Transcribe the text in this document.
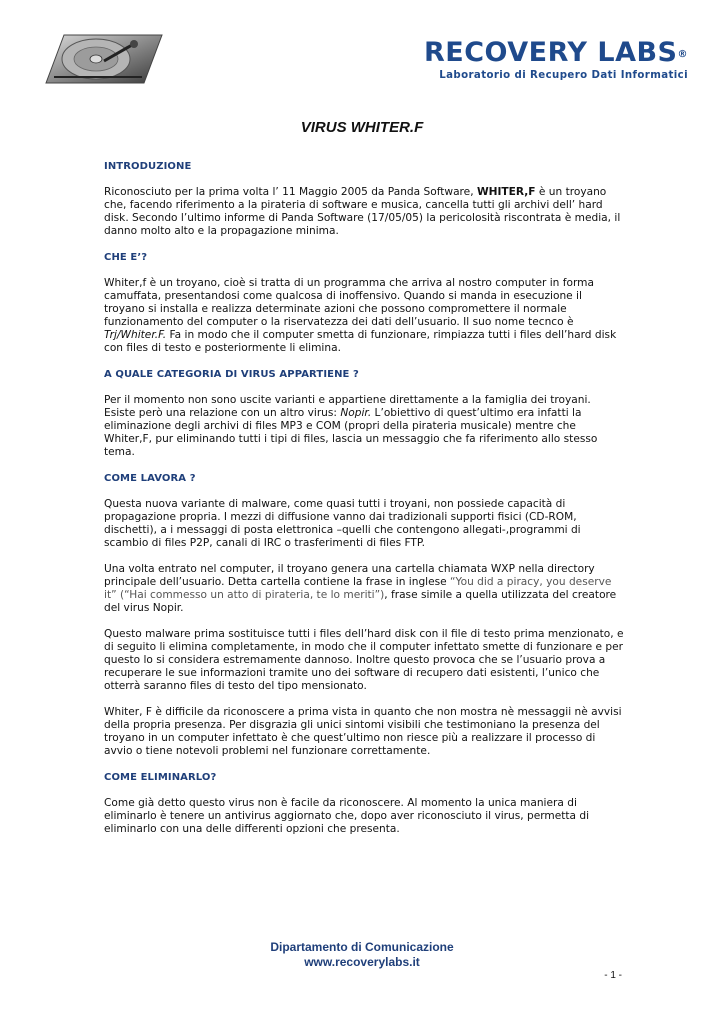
RECOVERY LABS®
Laboratorio di Recupero Dati Informatici
VIRUS WHITER.F
INTRODUZIONE

Riconosciuto per la prima volta l’ 11 Maggio 2005 da Panda Software, WHITER,F è un troyano che, facendo riferimento a la pirateria di software e musica, cancella tutti gli archivi dell’ hard disk. Secondo l’ultimo informe di Panda Software (17/05/05) la pericolosità riscontrata è media, il danno molto alto e la propagazione minima.

CHE E’?

Whiter,f è un troyano, cioè si tratta di un programma che arriva al nostro computer in forma camuffata, presentandosi come qualcosa di inoffensivo. Quando si manda in esecuzione il troyano si installa e realizza determinate azioni che possono compromettere il normale funzionamento del computer o la riservatezza dei dati dell’usuario. Il suo nome tecnco è Trj/Whiter.F. Fa in modo che il computer smetta di funzionare, rimpiazza tutti i files dell’hard disk con files di testo e posteriormente li elimina.

A QUALE CATEGORIA DI VIRUS APPARTIENE ?

Per il momento non sono uscite varianti e appartiene direttamente a la famiglia dei troyani. Esiste però una relazione con un altro virus: Nopir. L’obiettivo di quest’ultimo era infatti la eliminazione degli archivi di files MP3 e COM (propri della pirateria musicale) mentre che Whiter,F, pur eliminando tutti i tipi di files, lascia un messaggio che fa riferimento allo stesso tema.

COME LAVORA ?

Questa nuova variante di malware, come quasi tutti i troyani, non possiede capacità di propagazione propria. I mezzi di diffusione vanno dai tradizionali supporti fisici (CD-ROM, dischetti), a i messaggi di posta elettronica –quelli che contengono allegati-,programmi di scambio di files P2P, canali di IRC o trasferimenti di files FTP.

Una volta entrato nel computer, il troyano genera una cartella chiamata WXP nella directory principale dell’usuario. Detta cartella contiene la frase in inglese “You did a piracy, you deserve it” (“Hai commesso un atto di pirateria, te lo meriti”), frase simile a quella utilizzata del creatore del virus Nopir.

Questo malware prima sostituisce tutti i files dell’hard disk con il file di testo prima menzionato, e di seguito li elimina completamente, in modo che il computer infettato smette di funzionare e per questo lo si considera estremamente dannoso. Inoltre questo provoca che se l’usuario prova a recuperare le sue informazioni tramite uno dei software di recupero dati esistenti, l’unico che otterrà saranno files di testo del tipo mensionato.

Whiter, F è difficile da riconoscere a prima vista in quanto che non mostra nè messaggii nè avvisi della propria presenza. Per disgrazia gli unici sintomi visibili che testimoniano la presenza del troyano in un computer infettato è che quest’ultimo non riesce più a realizzare il processo di avvio o tiene notevoli problemi nel funzionare correttamente.

COME ELIMINARLO?

Come già detto questo virus non è facile da riconoscere. Al momento la unica maniera di eliminarlo è tenere un antivirus aggiornato che, dopo aver riconosciuto il virus, permetta di eliminarlo con una delle differenti opzioni che presenta.

Dipartamento di Comunicazione
www.recoverylabs.it
- 1 -
